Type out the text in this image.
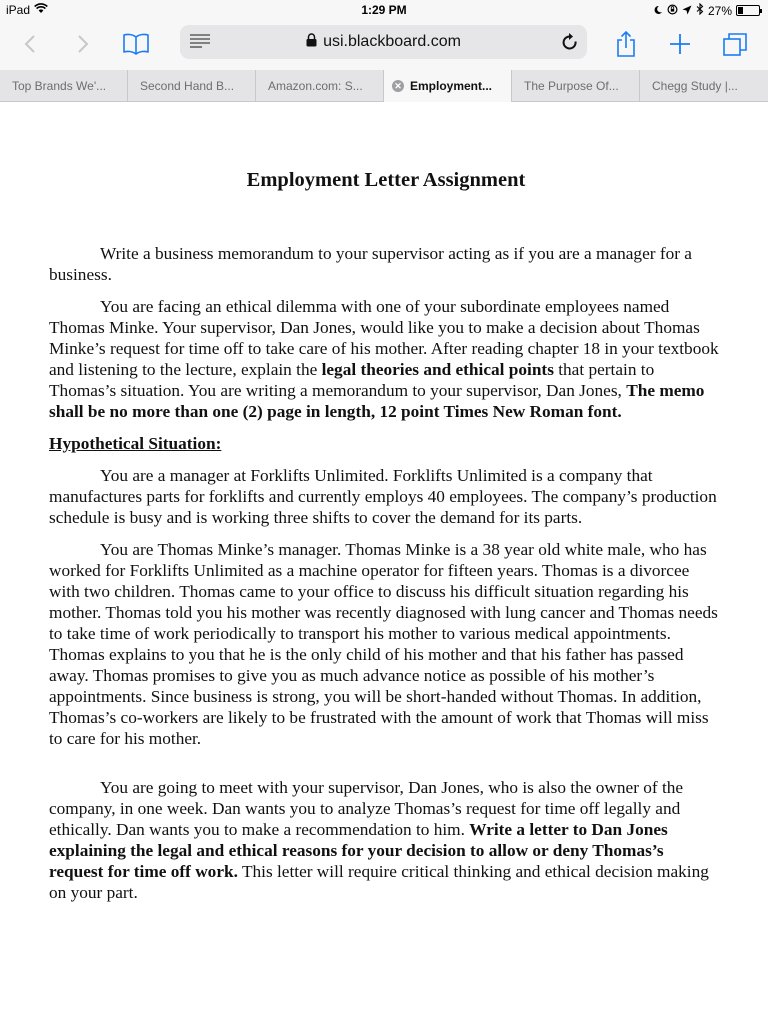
iPad	1:29 PM	27%
usi.blackboard.com
Top Brands We'...	Second Hand B...	Amazon.com: S...	✕ Employment...	The Purpose Of...	Chegg Study |...
Employment Letter Assignment

Write a business memorandum to your supervisor acting as if you are a manager for a business.

You are facing an ethical dilemma with one of your subordinate employees named Thomas Minke. Your supervisor, Dan Jones, would like you to make a decision about Thomas Minke’s request for time off to take care of his mother. After reading chapter 18 in your textbook and listening to the lecture, explain the legal theories and ethical points that pertain to Thomas’s situation. You are writing a memorandum to your supervisor, Dan Jones, The memo shall be no more than one (2) page in length, 12 point Times New Roman font.

Hypothetical Situation:

You are a manager at Forklifts Unlimited. Forklifts Unlimited is a company that manufactures parts for forklifts and currently employs 40 employees. The company’s production schedule is busy and is working three shifts to cover the demand for its parts.

You are Thomas Minke’s manager. Thomas Minke is a 38 year old white male, who has worked for Forklifts Unlimited as a machine operator for fifteen years. Thomas is a divorcee with two children. Thomas came to your office to discuss his difficult situation regarding his mother. Thomas told you his mother was recently diagnosed with lung cancer and Thomas needs to take time of work periodically to transport his mother to various medical appointments. Thomas explains to you that he is the only child of his mother and that his father has passed away. Thomas promises to give you as much advance notice as possible of his mother’s appointments. Since business is strong, you will be short-handed without Thomas. In addition, Thomas’s co-workers are likely to be frustrated with the amount of work that Thomas will miss to care for his mother.

You are going to meet with your supervisor, Dan Jones, who is also the owner of the company, in one week. Dan wants you to analyze Thomas’s request for time off legally and ethically. Dan wants you to make a recommendation to him. Write a letter to Dan Jones explaining the legal and ethical reasons for your decision to allow or deny Thomas’s request for time off work. This letter will require critical thinking and ethical decision making on your part.
